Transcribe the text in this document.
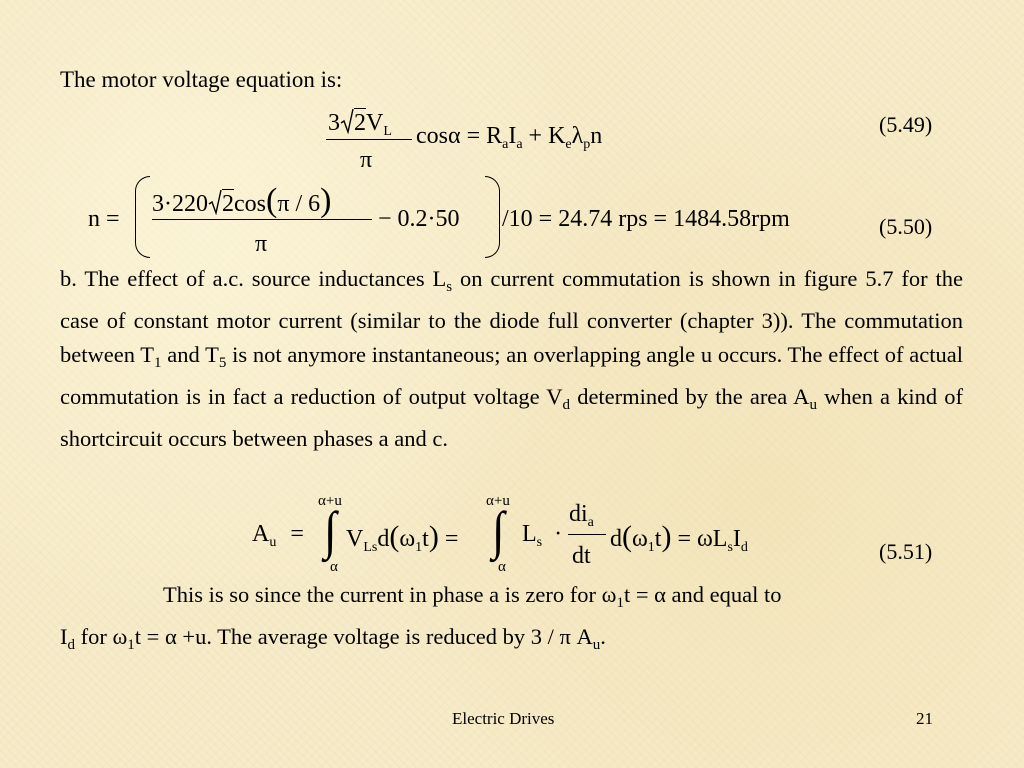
The motor voltage equation is:
3 $2V_L$
π
$\cos\alpha = R_aI_a + K_e\lambda_pn$	(5.49)
n =
3·220 2cos(π / 6)
π
− 0.2·50 /10 = 24.74 rps = 1484.58rpm	(5.50)
b. The effect of a.c. source inductances $L_s$ on current commutation is shown in figure 5.7 for the case of constant motor current (similar to the diode full converter (chapter 3)). The commutation between $T_1$ and $T_5$ is not anymore instantaneous; an overlapping angle u occurs. The effect of actual commutation is in fact a reduction of output voltage $V_d$ determined by the area $A_u$ when a kind of shortcircuit occurs between phases a and c.
$A_u$ =
α+u
∫
α
$V_{Ls}d(\omega_1t)$ =
α+u
∫
α
$L_s$ ·
$di_a$
dt
$d(\omega_1t) = \omega L_sI_d$	(5.51)
This is so since the current in phase a is zero for $\omega_1t = \alpha$ and equal to
$I_d$ for $\omega_1t = \alpha +u$. The average voltage is reduced by 3 / π $A_u$.
Electric Drives	21
